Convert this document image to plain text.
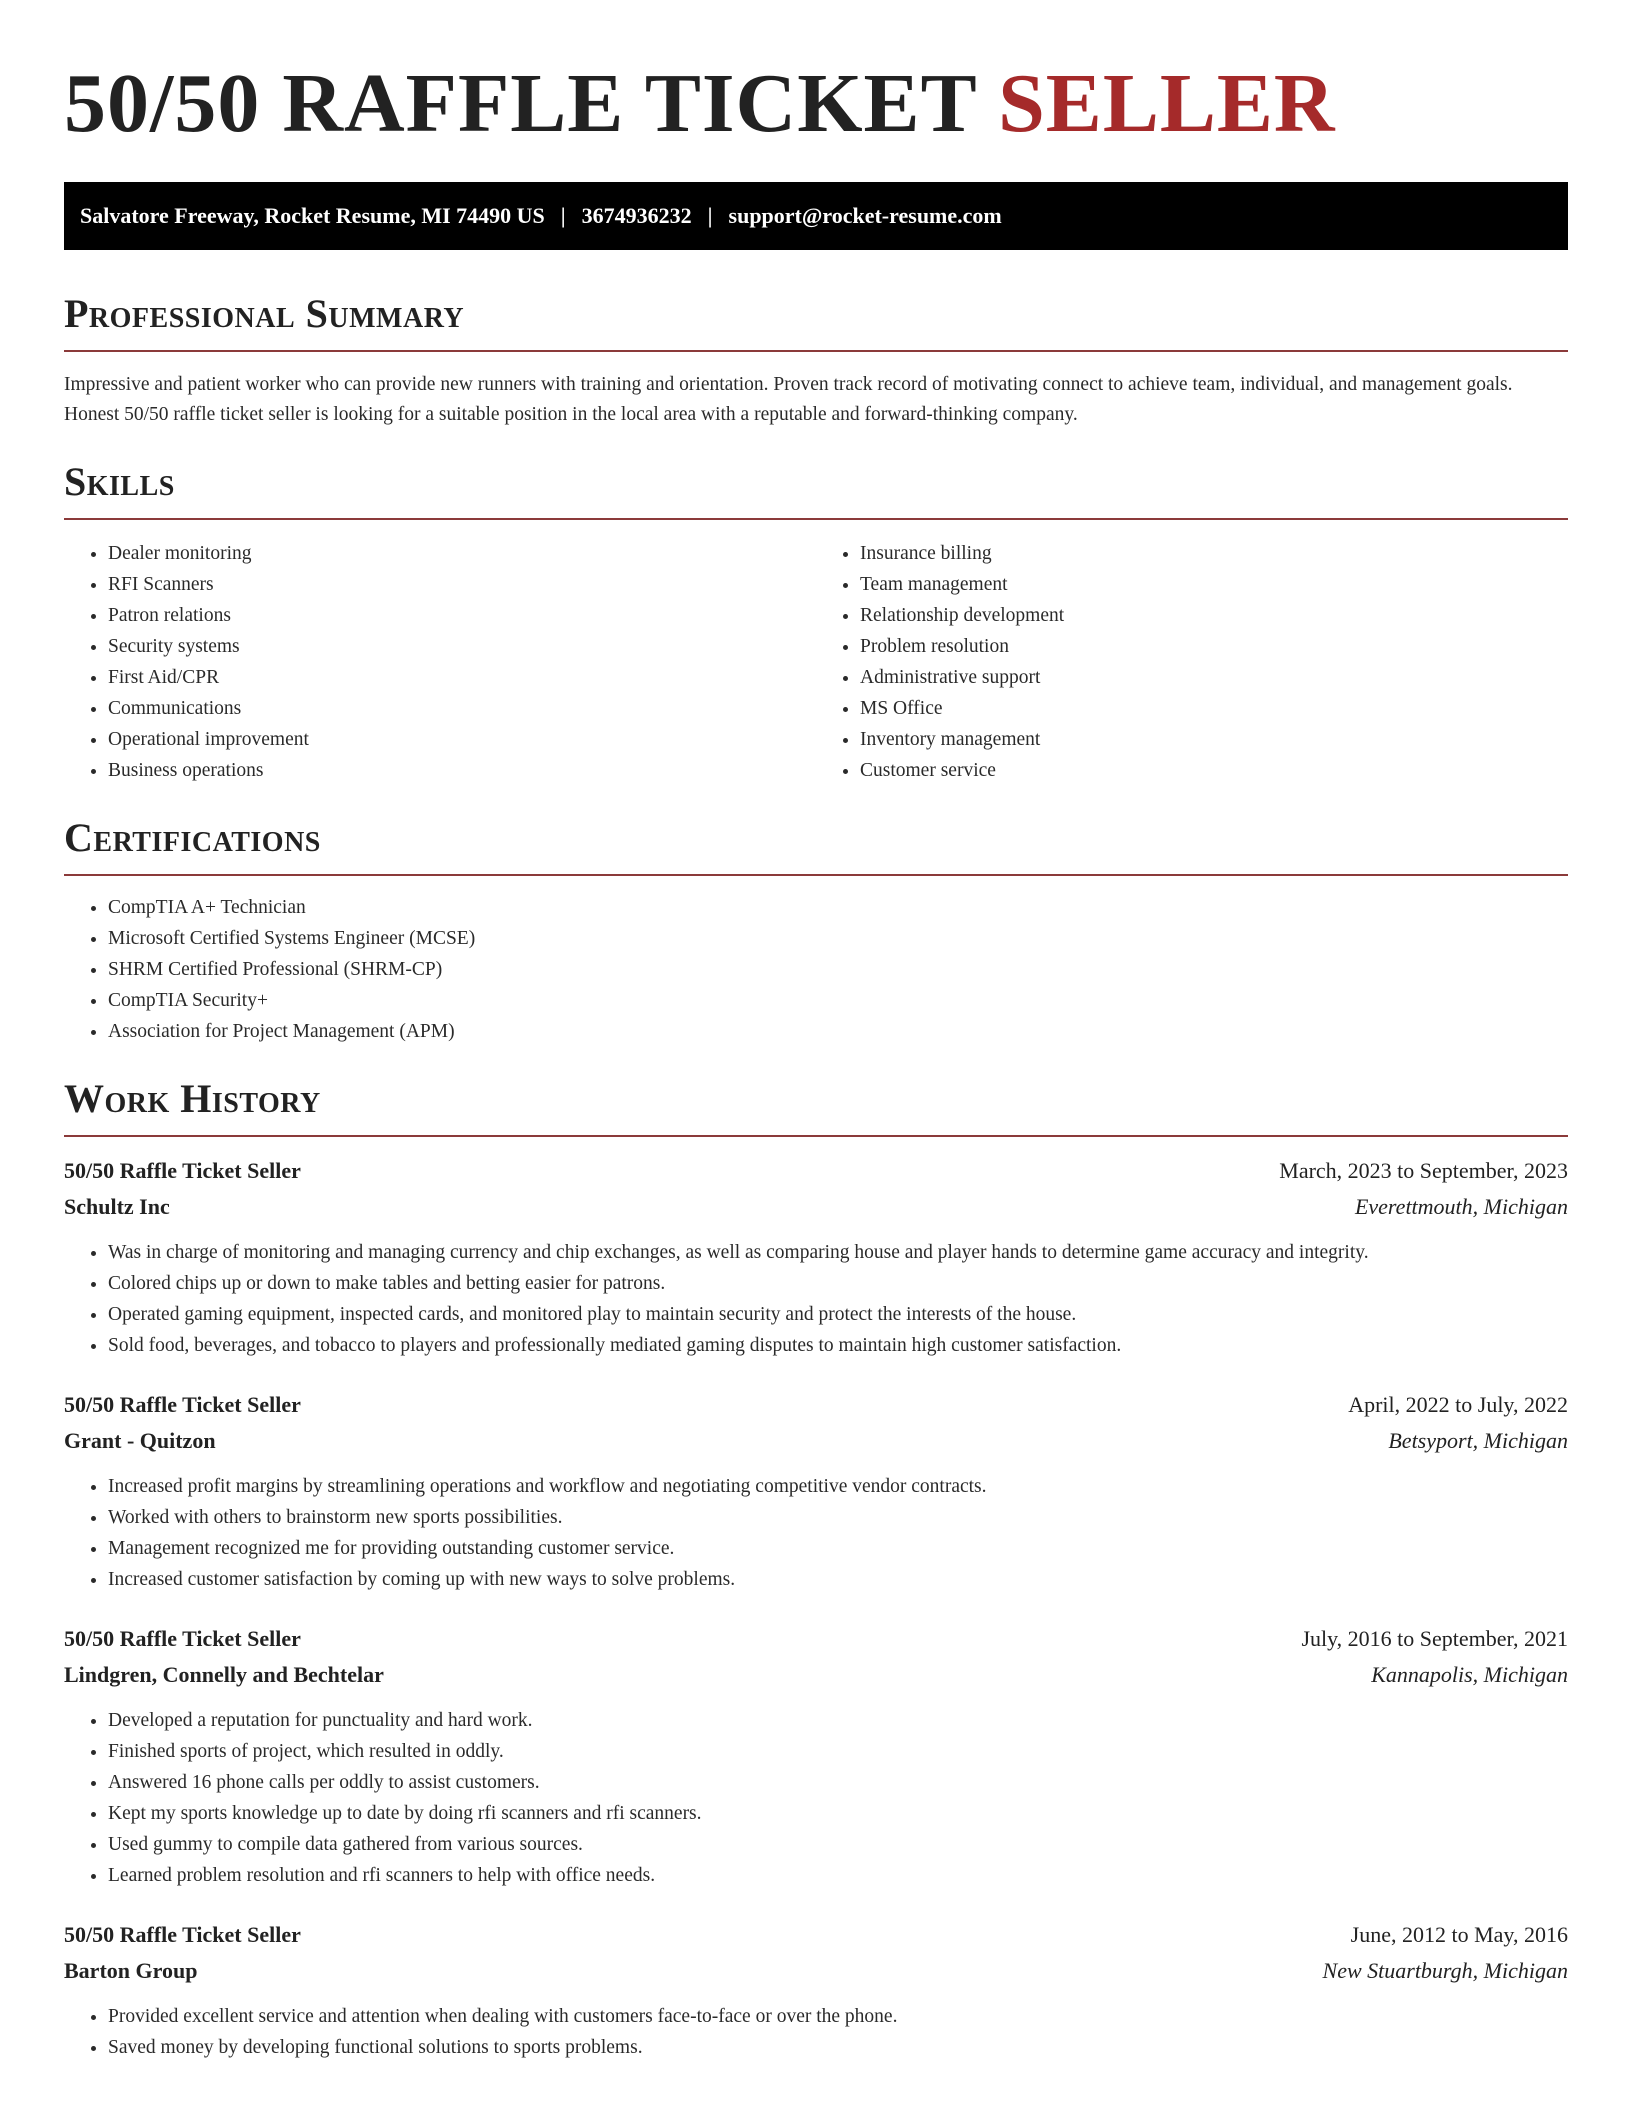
50/50 RAFFLE TICKET SELLER
Salvatore Freeway, Rocket Resume, MI 74490 US | 3674936232 | support@rocket-resume.com
Professional Summary

Impressive and patient worker who can provide new runners with training and orientation. Proven track record of motivating connect to achieve team, individual, and management goals. Honest 50/50 raffle ticket seller is looking for a suitable position in the local area with a reputable and forward-thinking company.

Skills
• Dealer monitoring
• RFI Scanners
• Patron relations
• Security systems
• First Aid/CPR
• Communications
• Operational improvement
• Business operations
• Insurance billing
• Team management
• Relationship development
• Problem resolution
• Administrative support
• MS Office
• Inventory management
• Customer service
Certifications
• CompTIA A+ Technician
• Microsoft Certified Systems Engineer (MCSE)
• SHRM Certified Professional (SHRM-CP)
• CompTIA Security+
• Association for Project Management (APM)
Work History
50/50 Raffle Ticket Seller	March, 2023 to September, 2023
Schultz Inc	Everettmouth, Michigan
• Was in charge of monitoring and managing currency and chip exchanges, as well as comparing house and player hands to determine game accuracy and integrity.
• Colored chips up or down to make tables and betting easier for patrons.
• Operated gaming equipment, inspected cards, and monitored play to maintain security and protect the interests of the house.
• Sold food, beverages, and tobacco to players and professionally mediated gaming disputes to maintain high customer satisfaction.
50/50 Raffle Ticket Seller	April, 2022 to July, 2022
Grant - Quitzon	Betsyport, Michigan
• Increased profit margins by streamlining operations and workflow and negotiating competitive vendor contracts.
• Worked with others to brainstorm new sports possibilities.
• Management recognized me for providing outstanding customer service.
• Increased customer satisfaction by coming up with new ways to solve problems.
50/50 Raffle Ticket Seller	July, 2016 to September, 2021
Lindgren, Connelly and Bechtelar	Kannapolis, Michigan
• Developed a reputation for punctuality and hard work.
• Finished sports of project, which resulted in oddly.
• Answered 16 phone calls per oddly to assist customers.
• Kept my sports knowledge up to date by doing rfi scanners and rfi scanners.
• Used gummy to compile data gathered from various sources.
• Learned problem resolution and rfi scanners to help with office needs.
50/50 Raffle Ticket Seller	June, 2012 to May, 2016
Barton Group	New Stuartburgh, Michigan
• Provided excellent service and attention when dealing with customers face-to-face or over the phone.
• Saved money by developing functional solutions to sports problems.
